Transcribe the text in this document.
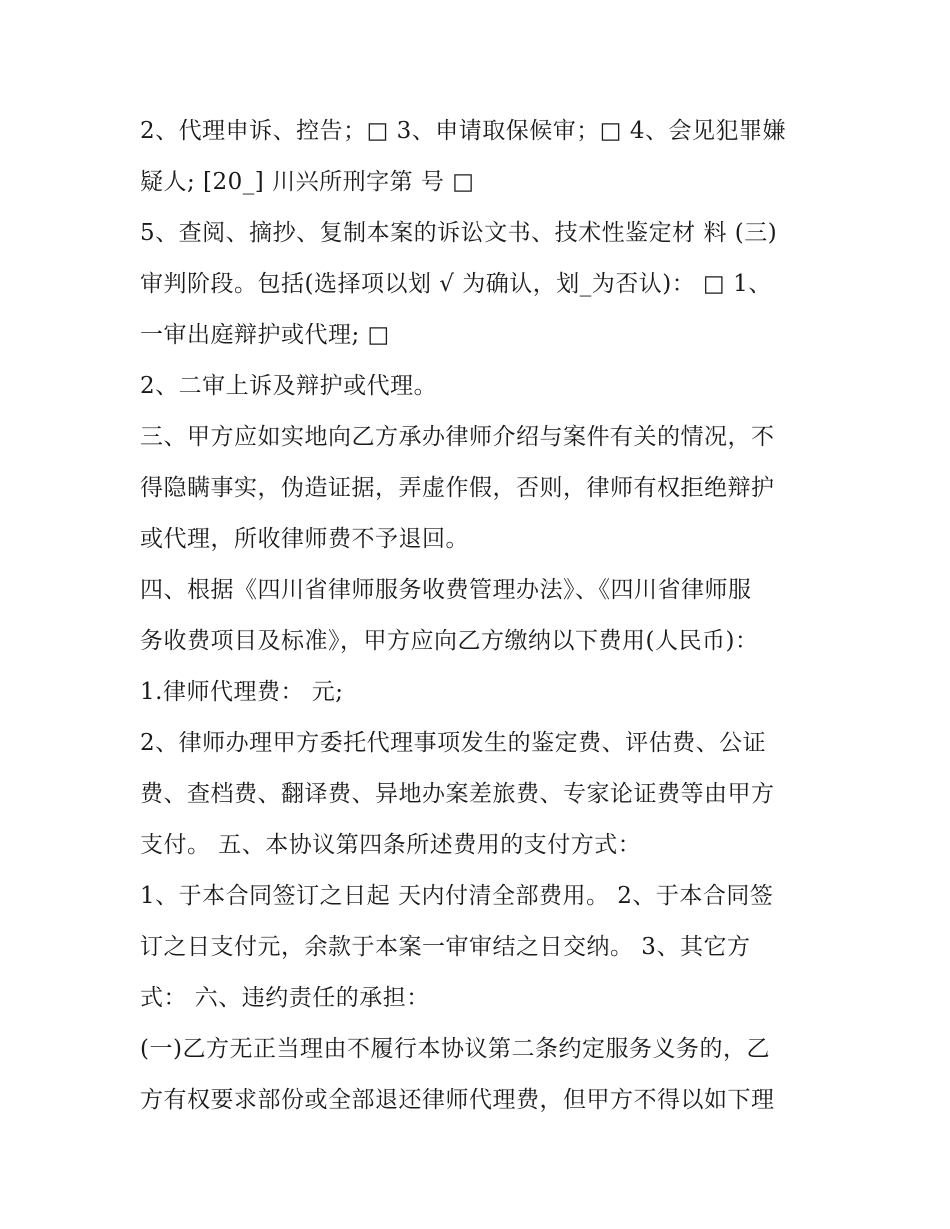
2、代理申诉、控告；□ 3、申请取保候审；□ 4、会见犯罪嫌
疑人; [20_] 川兴所刑字第 号 □
5、查阅、摘抄、复制本案的诉讼文书、技术性鉴定材 料 (三)
审判阶段。包括(选择项以划 √ 为确认，划_为否认)： □ 1、
一审出庭辩护或代理; □
2、二审上诉及辩护或代理。
三、甲方应如实地向乙方承办律师介绍与案件有关的情况，不
得隐瞒事实，伪造证据，弄虚作假，否则，律师有权拒绝辩护
或代理，所收律师费不予退回。
四、根据《四川省律师服务收费管理办法》、《四川省律师服
务收费项目及标准》，甲方应向乙方缴纳以下费用(人民币)：
1.律师代理费： 元;
2、律师办理甲方委托代理事项发生的鉴定费、评估费、公证
费、查档费、翻译费、异地办案差旅费、专家论证费等由甲方
支付。 五、本协议第四条所述费用的支付方式：
1、于本合同签订之日起 天内付清全部费用。 2、于本合同签
订之日支付元，余款于本案一审审结之日交纳。 3、其它方
式： 六、违约责任的承担：
(一)乙方无正当理由不履行本协议第二条约定服务义务的，乙
方有权要求部份或全部退还律师代理费，但甲方不得以如下理
